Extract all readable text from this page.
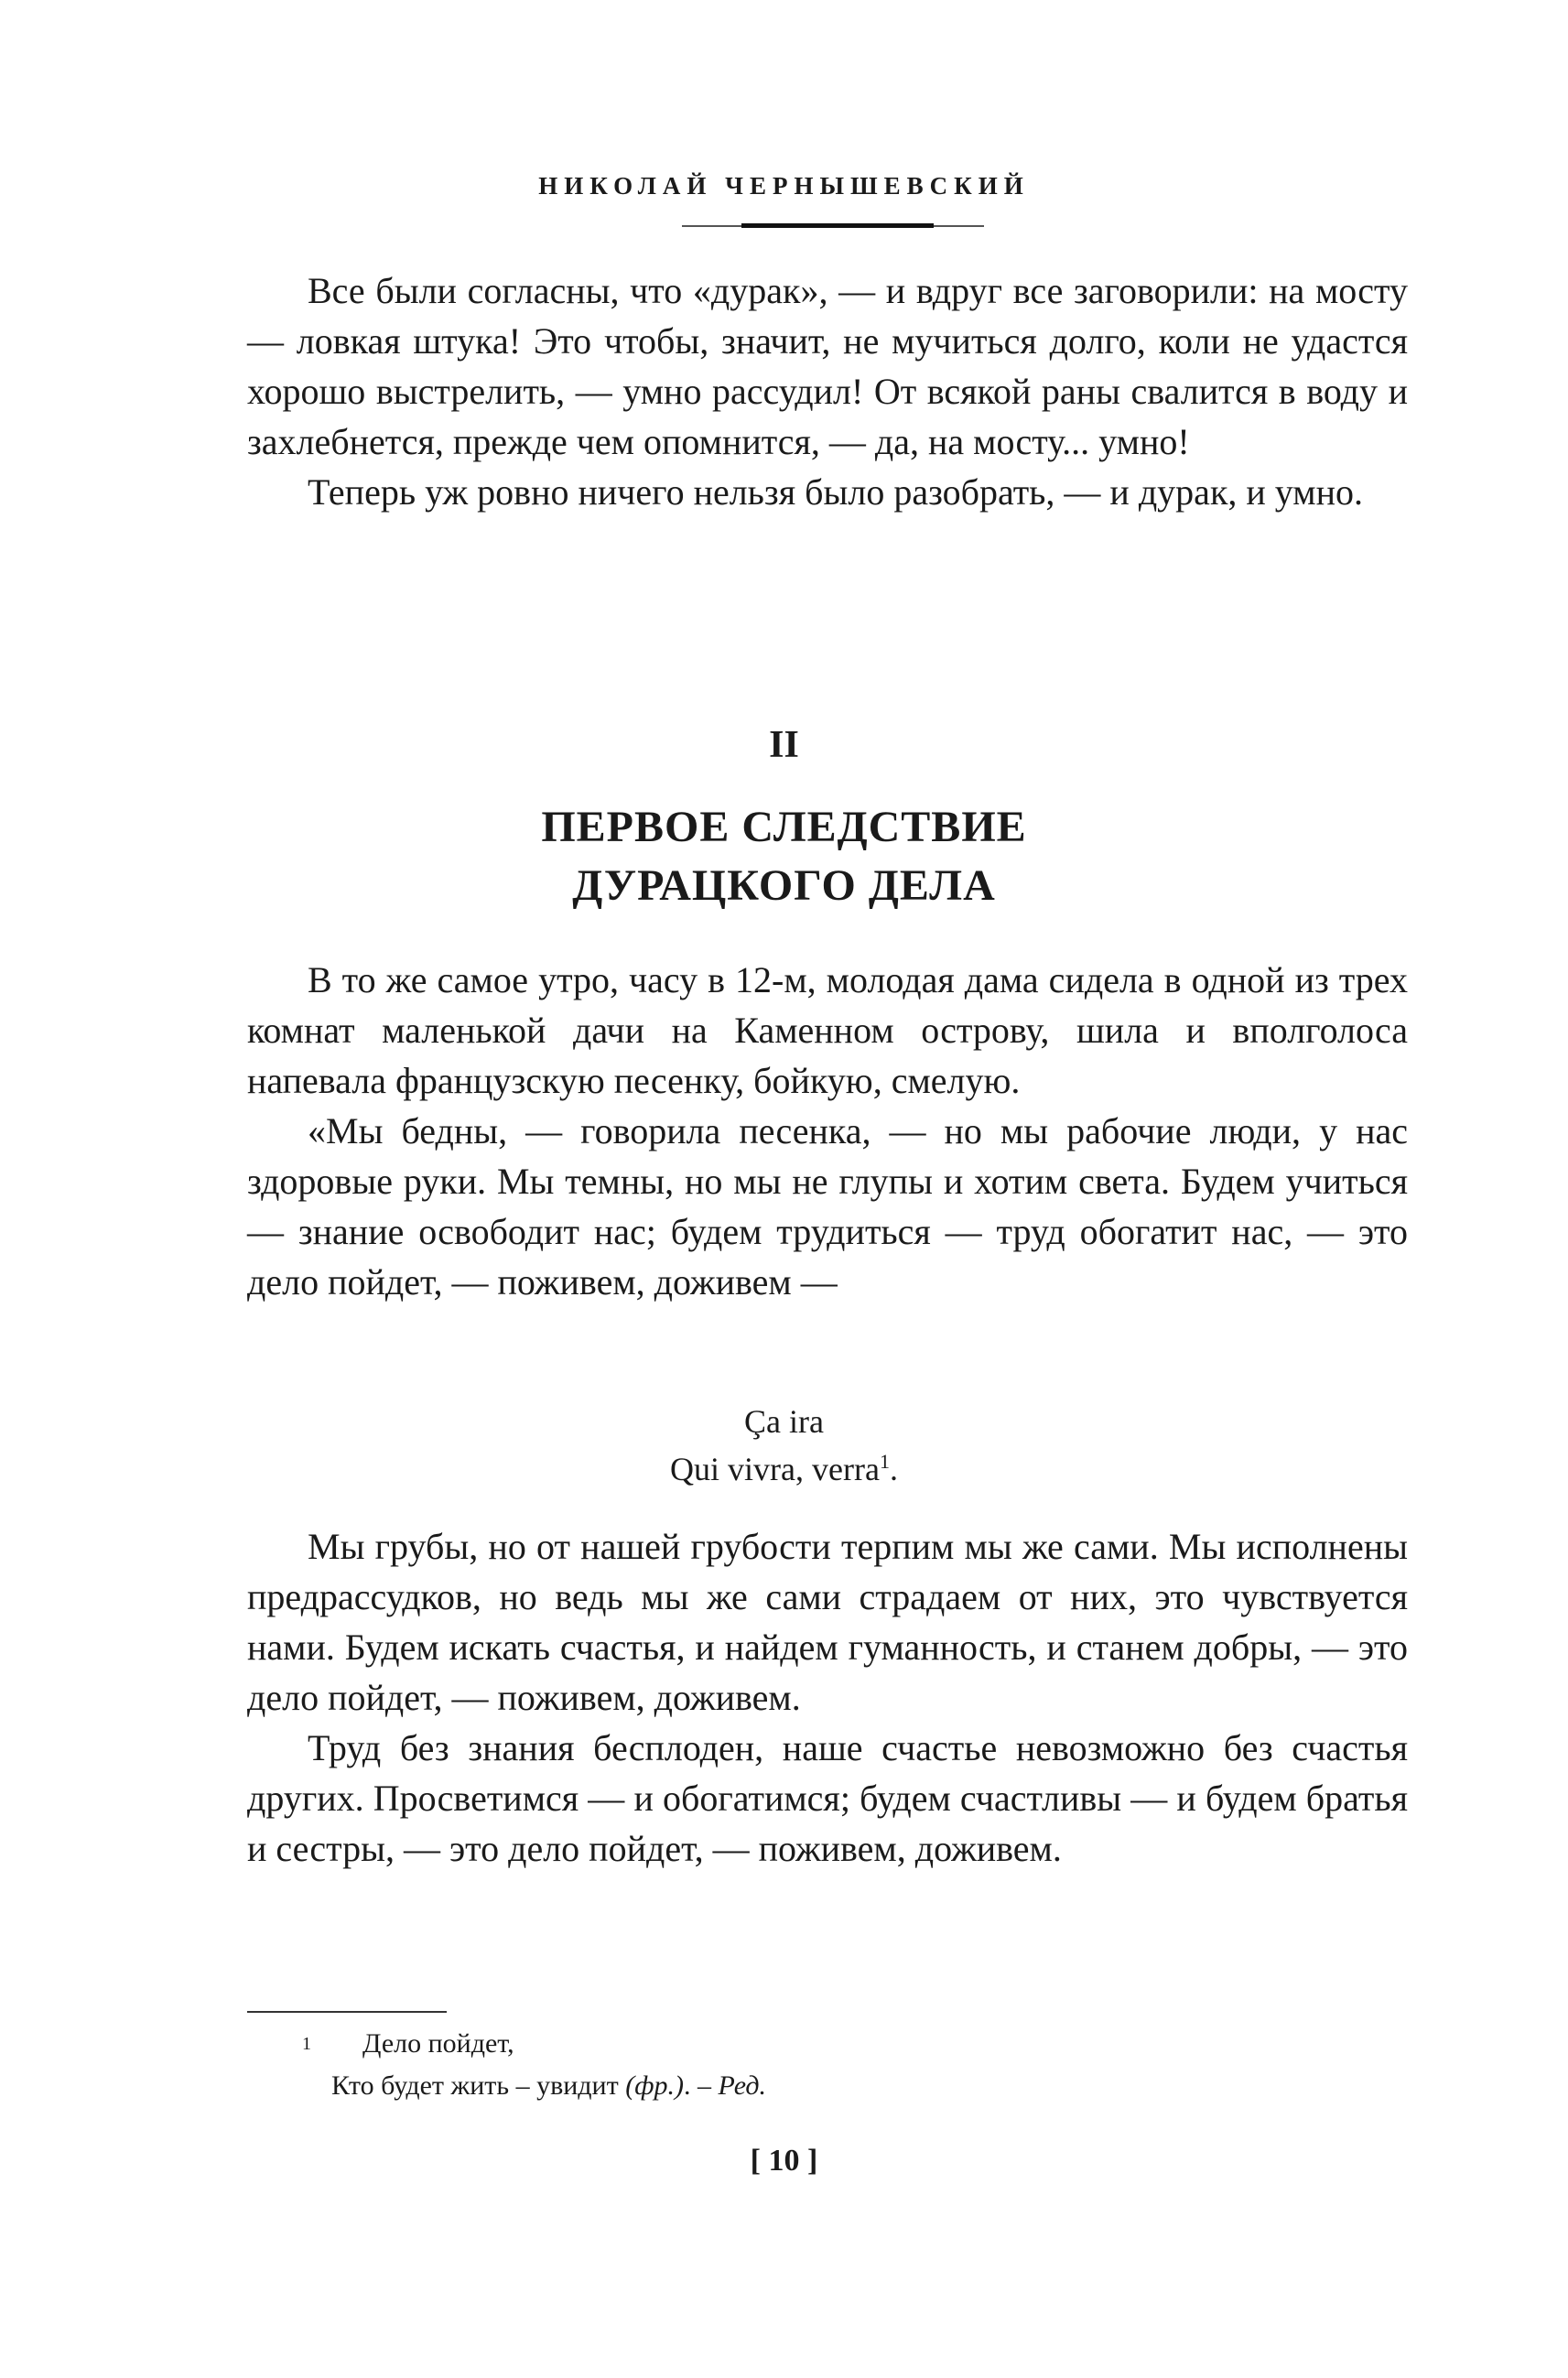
НИКОЛАЙ ЧЕРНЫШЕВСКИЙ

Все были согласны, что «дурак», — и вдруг все заговорили: на мосту — ловкая штука! Это чтобы, значит, не мучиться долго, коли не удастся хорошо выстрелить, — умно рассудил! От всякой раны свалится в воду и захлебнется, прежде чем опомнится, — да, на мосту... умно!

Теперь уж ровно ничего нельзя было разобрать, — и дурак, и умно.

II
ПЕРВОЕ СЛЕДСТВИЕ
ДУРАЦКОГО ДЕЛА

В то же самое утро, часу в 12-м, молодая дама сидела в одной из трех комнат маленькой дачи на Каменном острову, шила и вполголоса напевала французскую песенку, бойкую, смелую.

«Мы бедны, — говорила песенка, — но мы рабочие люди, у нас здоровые руки. Мы темны, но мы не глупы и хотим света. Будем учиться — знание освободит нас; будем трудиться — труд обогатит нас, — это дело пойдет, — поживем, доживем —

Ça ira
Qui vivra, verra$^1$.

Мы грубы, но от нашей грубости терпим мы же сами. Мы исполнены предрассудков, но ведь мы же сами страдаем от них, это чувствуется нами. Будем искать счастья, и найдем гуманность, и станем добры, — это дело пойдет, — поживем, доживем.

Труд без знания бесплоден, наше счастье невозможно без счастья других. Просветимся — и обогатимся; будем счастливы — и будем братья и сестры, — это дело пойдет, — поживем, доживем.

1 Дело пойдет,
Кто будет жить – увидит (фр.). – Ред.
[ 10 ]
